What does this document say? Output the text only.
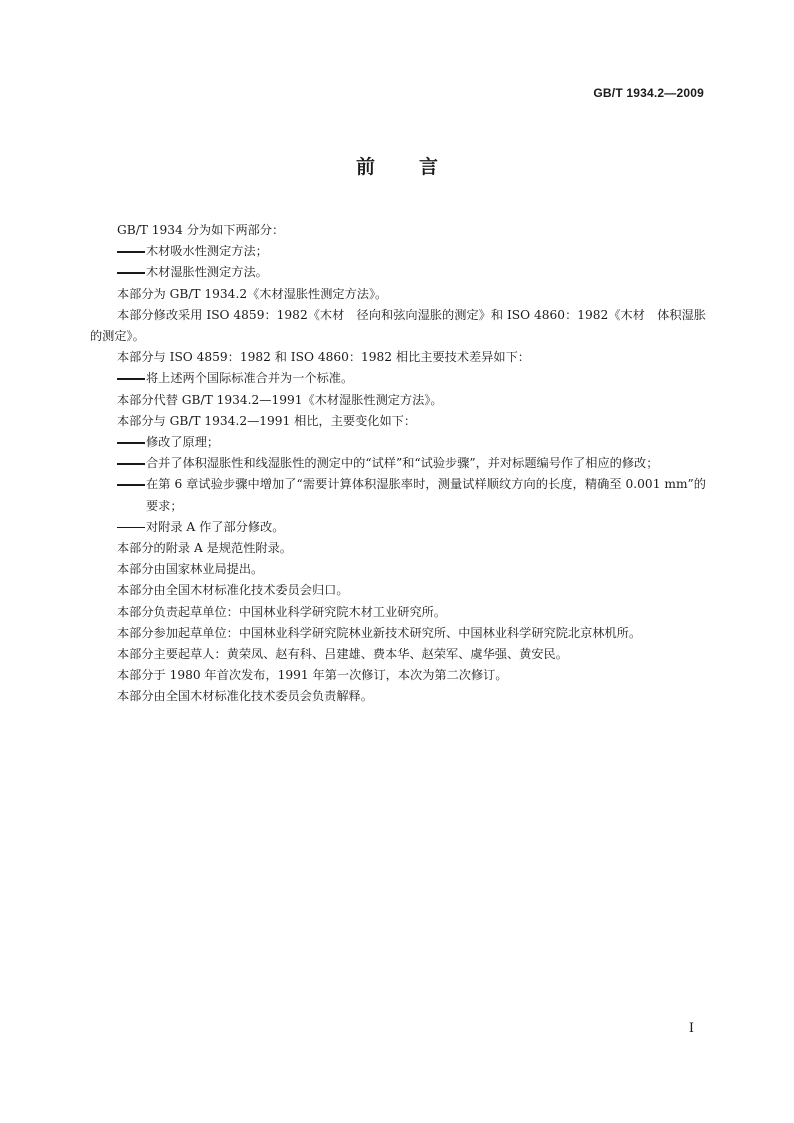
GB/T 1934.2—2009
前 言

GB/T 1934 分为如下两部分：

木材吸水性测定方法；
木材湿胀性测定方法。

本部分为 GB/T 1934.2《木材湿胀性测定方法》。

本部分修改采用 ISO 4859：1982《木材　径向和弦向湿胀的测定》和 ISO 4860：1982《木材　体积湿胀的测定》。

本部分与 ISO 4859：1982 和 ISO 4860：1982 相比主要技术差异如下：

将上述两个国际标准合并为一个标准。

本部分代替 GB/T 1934.2—1991《木材湿胀性测定方法》。

本部分与 GB/T 1934.2—1991 相比，主要变化如下：

修改了原理；
合并了体积湿胀性和线湿胀性的测定中的“试样”和“试验步骤”，并对标题编号作了相应的修改；
在第 6 章试验步骤中增加了“需要计算体积湿胀率时，测量试样顺纹方向的长度，精确至 0.001 mm”的要求；
对附录 A 作了部分修改。

本部分的附录 A 是规范性附录。

本部分由国家林业局提出。

本部分由全国木材标准化技术委员会归口。

本部分负责起草单位：中国林业科学研究院木材工业研究所。

本部分参加起草单位：中国林业科学研究院林业新技术研究所、中国林业科学研究院北京林机所。

本部分主要起草人：黄荣凤、赵有科、吕建雄、费本华、赵荣军、虞华强、黄安民。

本部分于 1980 年首次发布，1991 年第一次修订，本次为第二次修订。

本部分由全国木材标准化技术委员会负责解释。

I
